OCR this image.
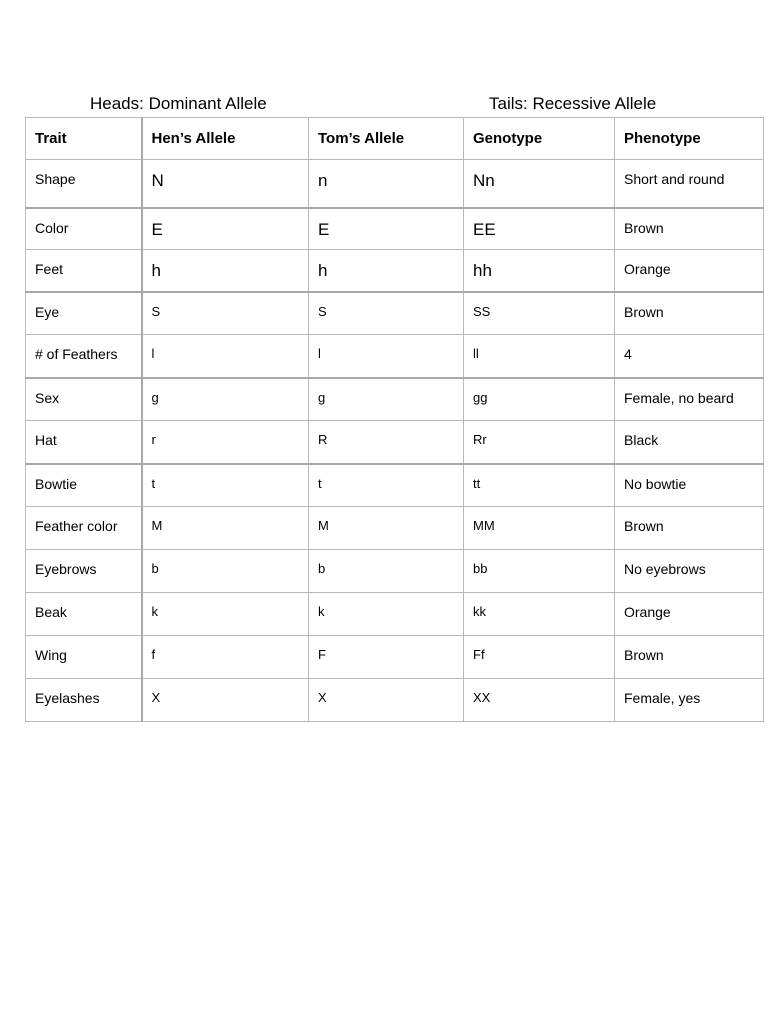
Heads: Dominant Allele	Tails: Recessive Allele
Trait	Hen’s Allele	Tom’s Allele	Genotype	Phenotype
Shape	N	n	Nn	Short and round
Color	E	E	EE	Brown
Feet	h	h	hh	Orange
Eye	S	S	SS	Brown
# of Feathers	l	l	ll	4
Sex	g	g	gg	Female, no beard
Hat	r	R	Rr	Black
Bowtie	t	t	tt	No bowtie
Feather color	M	M	MM	Brown
Eyebrows	b	b	bb	No eyebrows
Beak	k	k	kk	Orange
Wing	f	F	Ff	Brown
Eyelashes	X	X	XX	Female, yes
